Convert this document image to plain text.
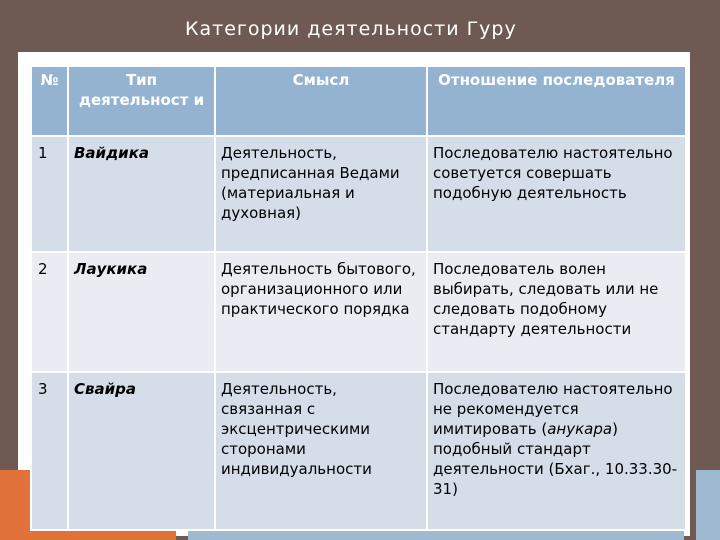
Категории деятельности Гуру
№	Тип деятельност и	Смысл	Отношение последователя
1	Вайдика	Деятельность, предписанная Ведами (материальная и духовная)	Последователю настоятельно советуется совершать подобную деятельность
2	Лаукика	Деятельность бытового, организационного или практического порядка	Последователь волен выбирать, следовать или не следовать подобному стандарту деятельности
3	Свайра	Деятельность, связанная с эксцентрическими сторонами индивидуальности	Последователю настоятельно не рекомендуется имитировать (анукара) подобный стандарт деятельности (Бхаг., 10.33.30-31)
